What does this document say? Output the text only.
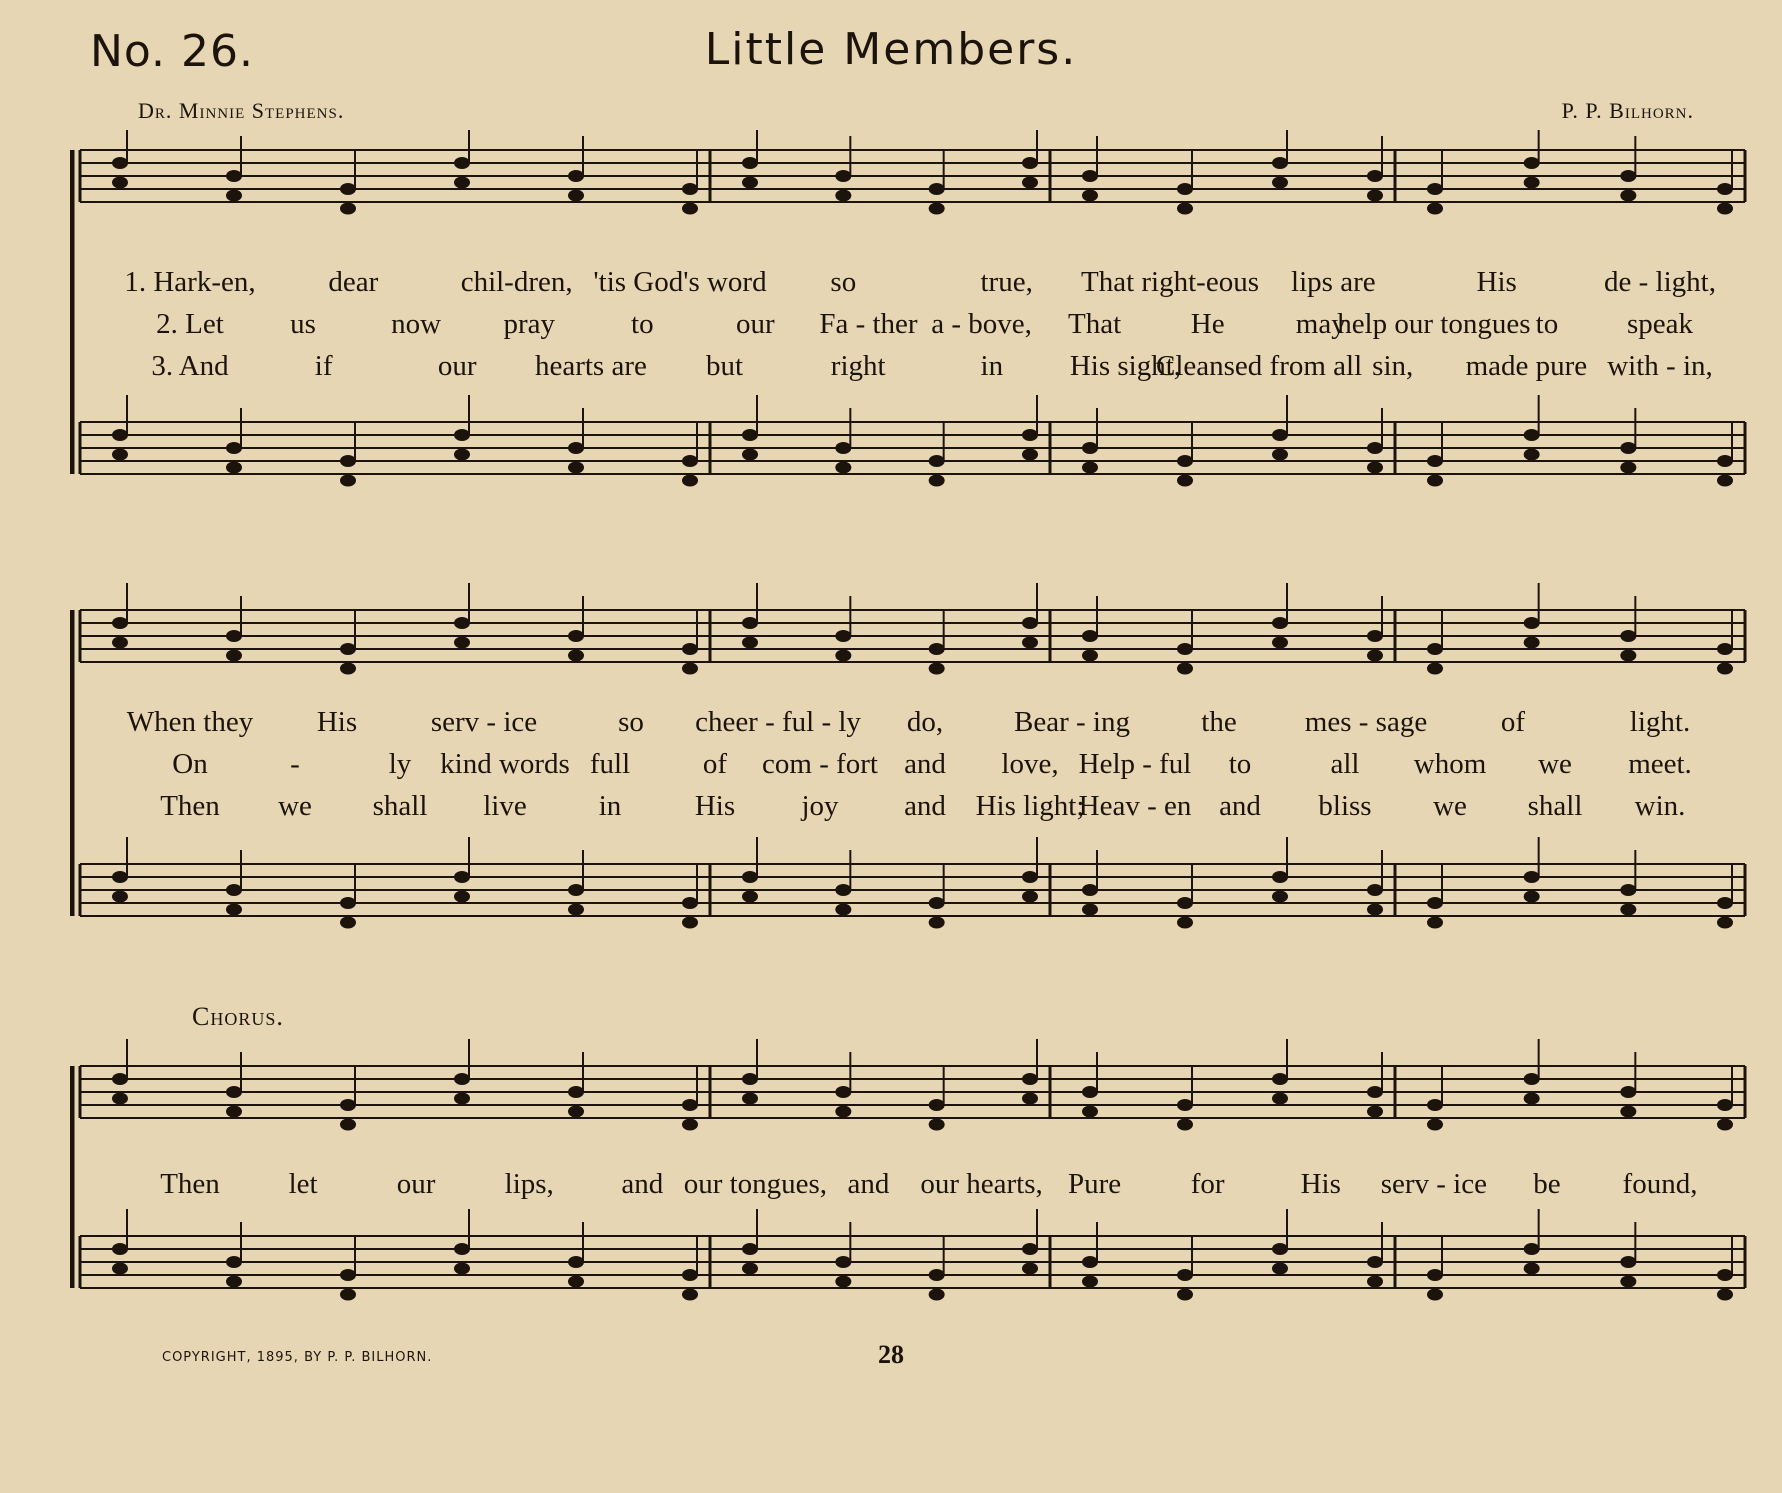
No. 26.	Little Members.
Dr. Minnie Stephens.	P. P. Bilhorn.
1. Hark-en,	dear	chil-dren, 'tis God's word so	true, That right-eous lips are	His	de - light,
2. Let us	now pray	to	our Fa - ther a - bove, That He may
help our tongues to speak
3. And	if	our hearts are but	right	in His sight,
Cleansed from all sin, made pure with - in,
When they His	serv - ice	so cheer - ful - ly do, Bear - ing the mes - sage	of	light.
On	-	ly kind words full	of com - fort and love, Help - ful to	all whom we meet.
Then we shall live in	His joy and His light;
Heav - en and bliss we shall win.
Chorus.
Then let	our lips, and our tongues, and our hearts, Pure for	His serv - ice be found,
COPYRIGHT, 1895, BY P. P. BILHORN.	28
